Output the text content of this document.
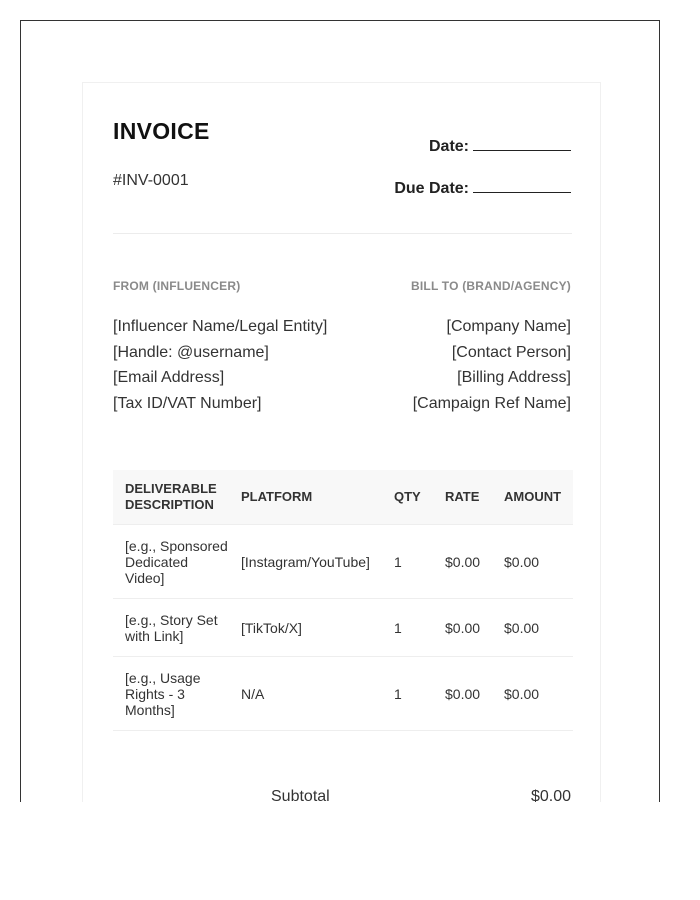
INVOICE
#INV-0001
Date:
Due Date:
FROM (INFLUENCER)	BILL TO (BRAND/AGENCY)
[Influencer Name/Legal Entity]
[Handle: @username]
[Email Address]
[Tax ID/VAT Number]
[Company Name]
[Contact Person]
[Billing Address]
[Campaign Ref Name]
DELIVERABLE DESCRIPTION	PLATFORM	QTY	RATE	AMOUNT
[e.g., Sponsored Dedicated Video]	[Instagram/YouTube]	1	$0.00	$0.00
[e.g., Story Set with Link]	[TikTok/X]	1	$0.00	$0.00
[e.g., Usage Rights - 3 Months]	N/A	1	$0.00	$0.00
Subtotal	$0.00
